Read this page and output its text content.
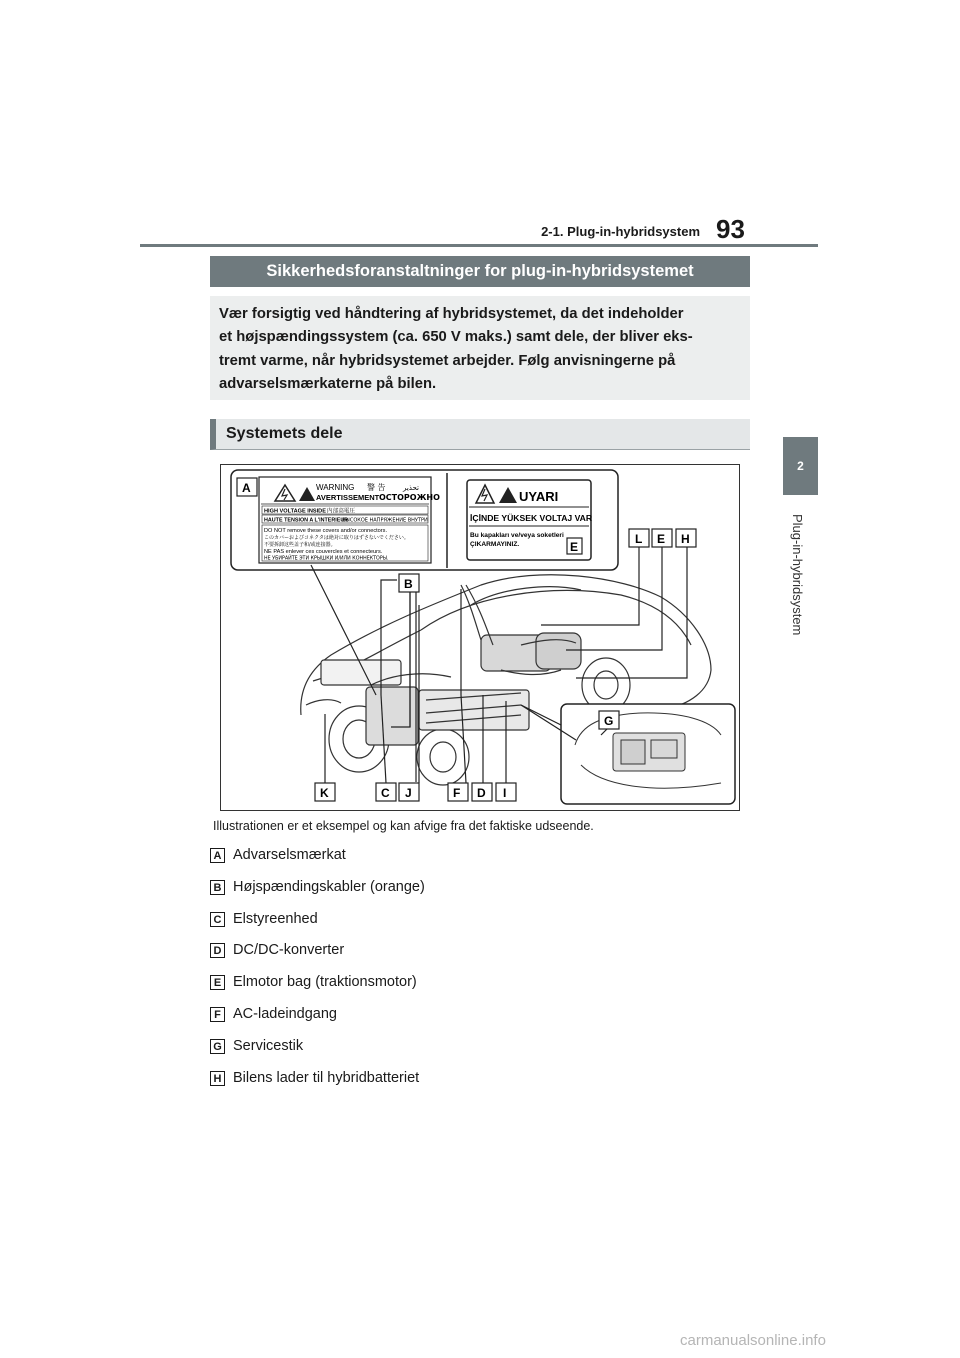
2-1. Plug-in-hybridsystem 93
2
Plug-in-hybridsystem
Sikkerhedsforanstaltninger for plug-in-hybridsystemet
Vær forsigtig ved håndtering af hybridsystemet, da det indeholder
et højspændingssystem (ca. 650 V maks.) samt dele, der bliver eks-
tremt varme, når hybridsystemet arbejder. Følg anvisningerne på
advarselsmærkaterne på bilen.
Systemets dele
WARNING 警 告 تحذير
AVERTISSEMENT ОСТОРОЖНО
HIGH VOLTAGE INSIDE 内部高電圧
HAUTE TENSION A L'INTERIEUR
ВЫСОКОЕ НАПРЯЖЕНИЕ ВНУТРИ
DO NOT remove these covers and/or connectors.
このカバーおよびコネクタは絶対に取りはずさないでください。
不要拆卸这些盖子和/或连接器。
NE PAS enlever ces couvercles et connecteurs.
НЕ УБИРАЙТЕ ЭТИ КРЫШКИ И/ИЛИ КОННЕКТОРЫ.
UYARI
İÇİNDE YÜKSEK VOLTAJ VAR
Bu kapakları ve/veya soketleri
ÇIKARMAYINIZ.
A
B
E
L E H
G
K	C J	F D I
Illustrationen er et eksempel og kan afvige fra det faktiske udseende.
A Advarselsmærkat
B Højspændingskabler (orange)
C Elstyreenhed
D DC/DC-konverter
E Elmotor bag (traktionsmotor)
F AC-ladeindgang
G Servicestik
H Bilens lader til hybridbatteriet
carmanualsonline.info
